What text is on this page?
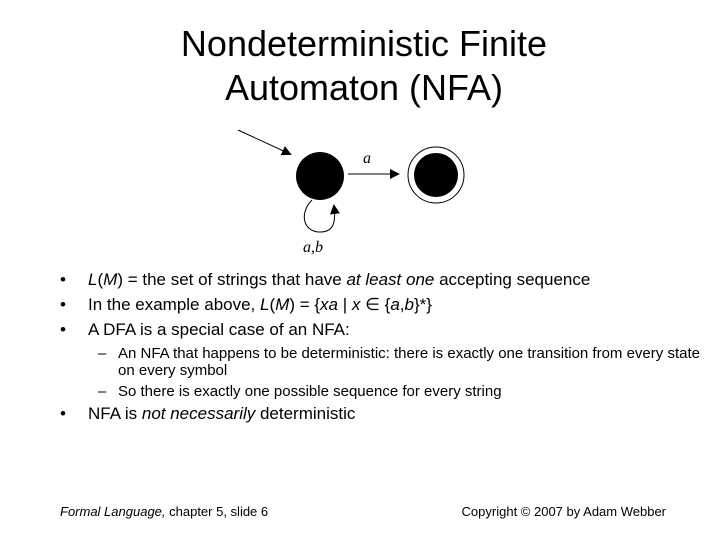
Nondeterministic Finite
Automaton (NFA)
a
a,b
• L(M) = the set of strings that have at least one accepting sequence
• In the example above, L(M) = {xa | x ∈ {a,b}*}
• A DFA is a special case of an NFA:
– An NFA that happens to be deterministic: there is exactly one transition from every state on every symbol
– So there is exactly one possible sequence for every string
• NFA is not necessarily deterministic
Formal Language, chapter 5, slide 6	Copyright © 2007 by Adam Webber
